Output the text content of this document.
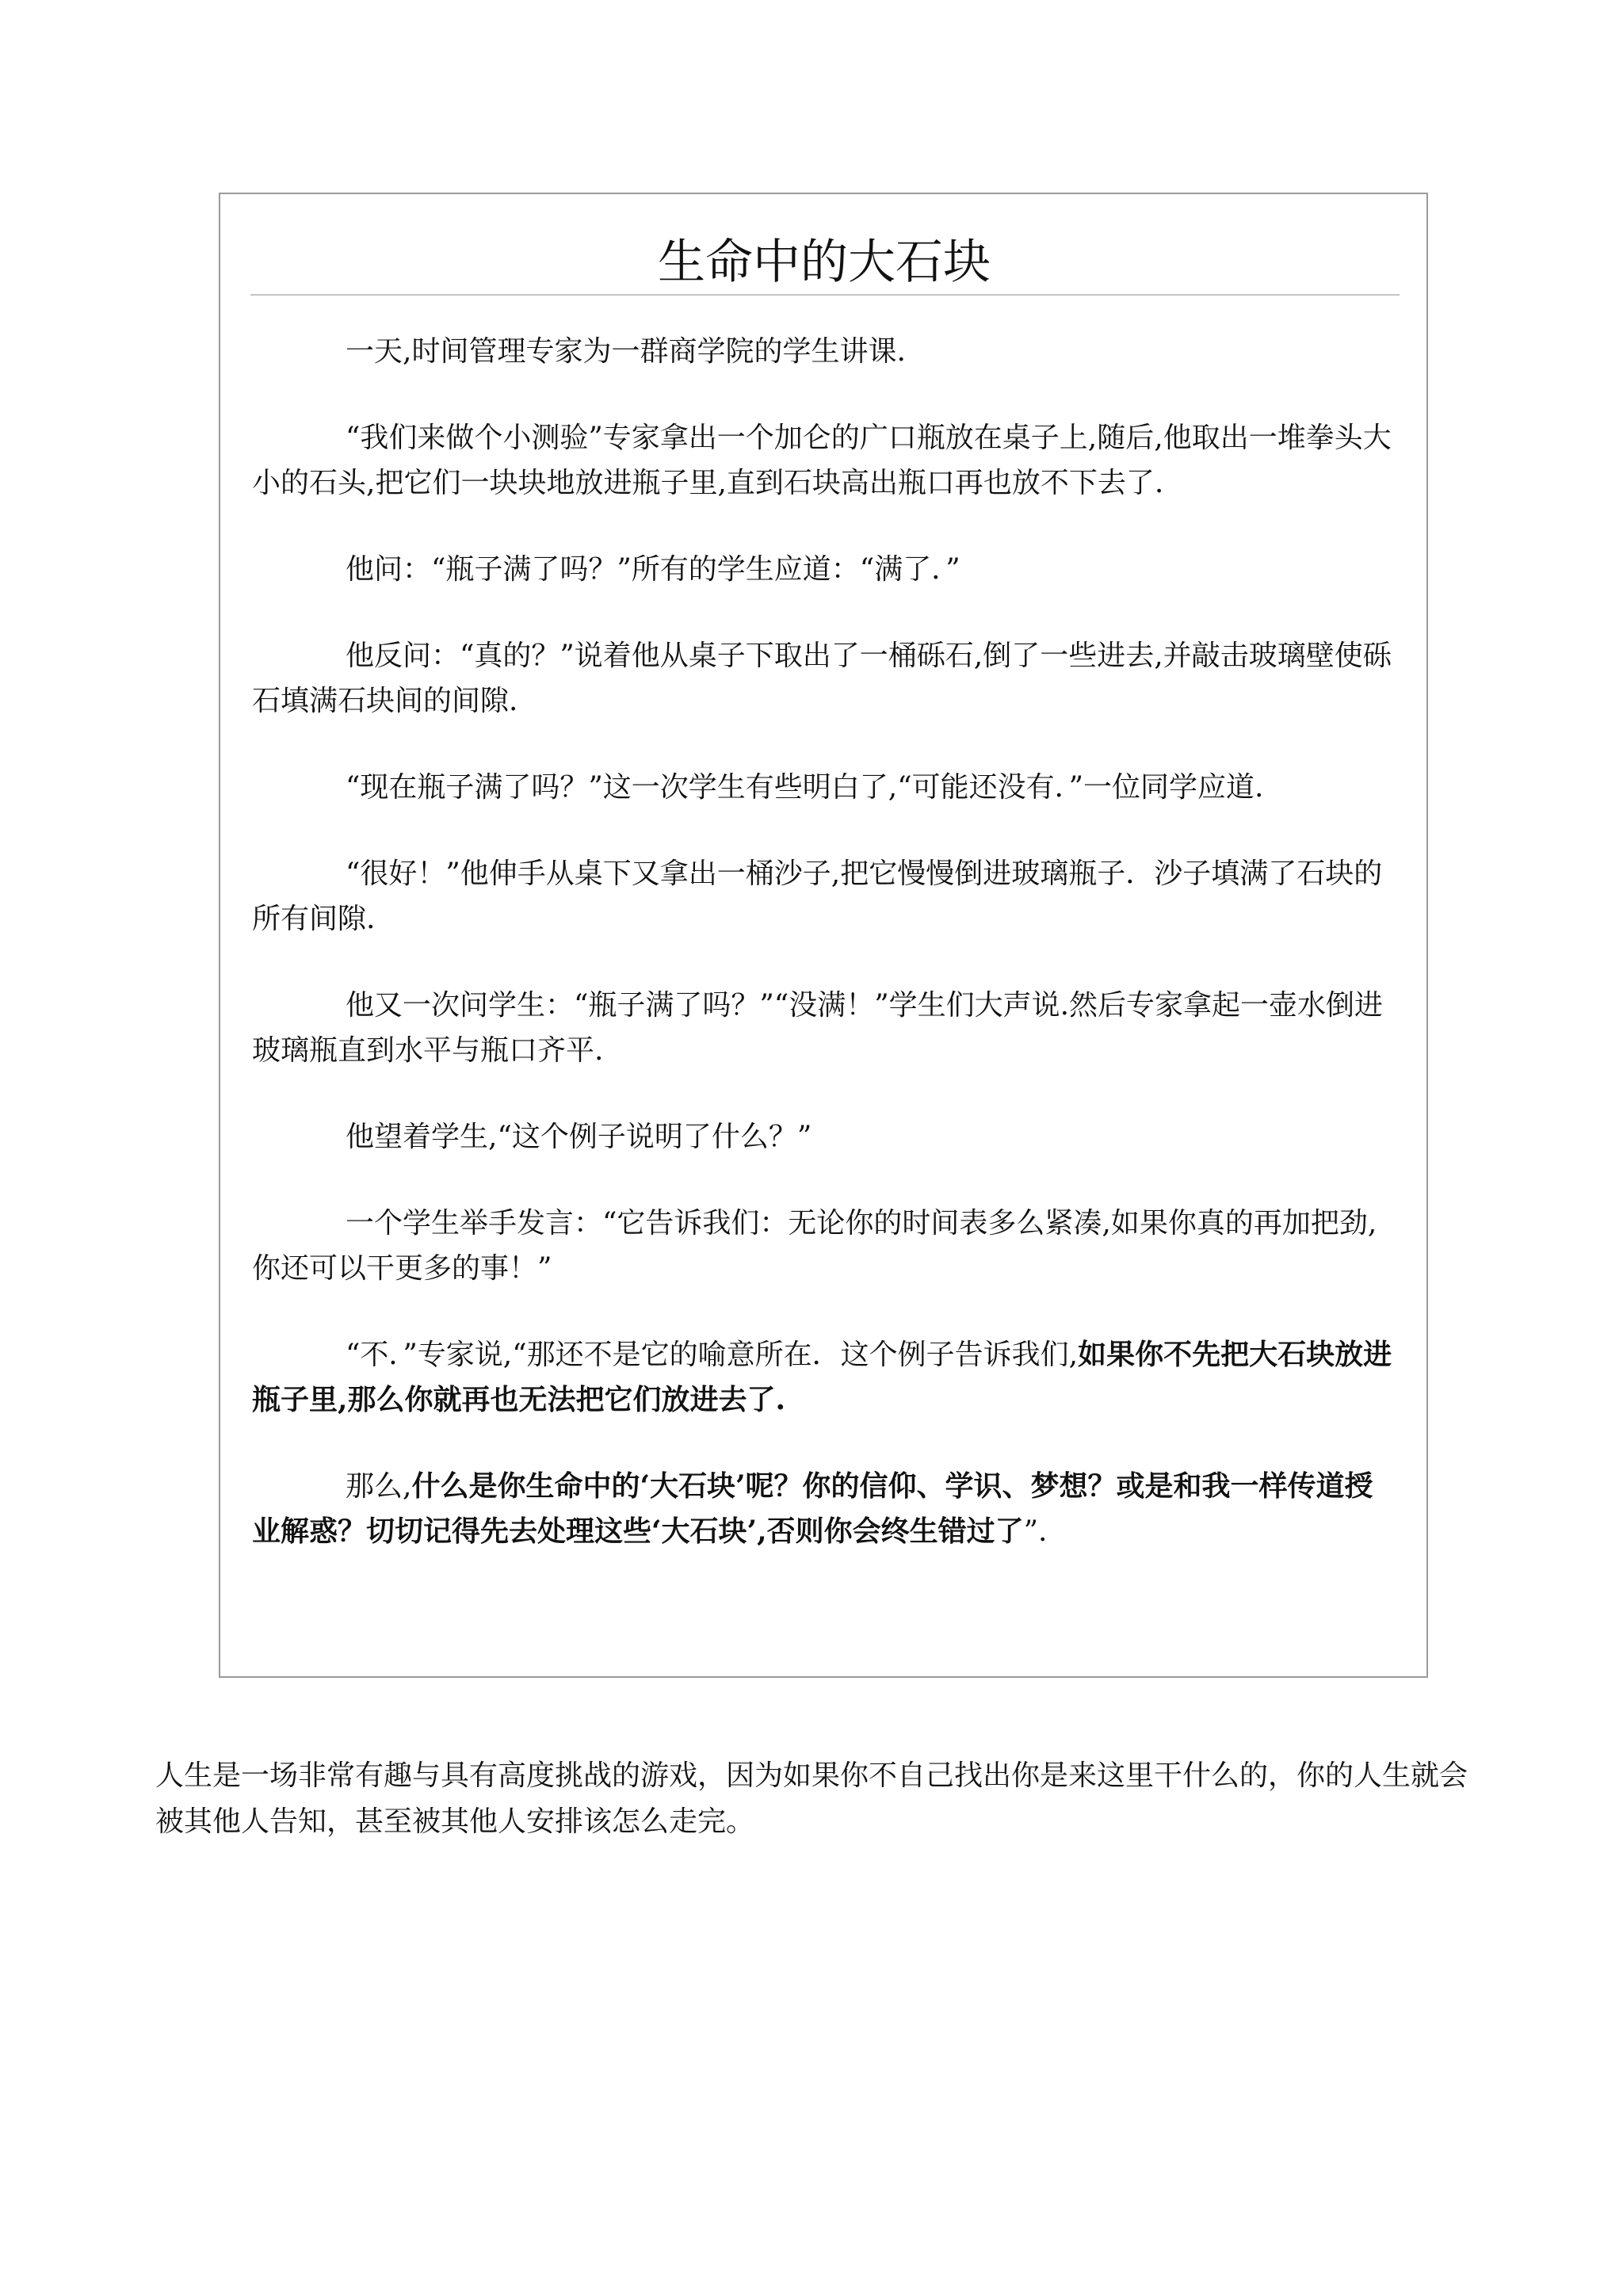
生命中的大石块

一天,时间管理专家为一群商学院的学生讲课.

“我们来做个小测验”专家拿出一个加仑的广口瓶放在桌子上,随后,他取出一堆拳头大小的石头,把它们一块块地放进瓶子里,直到石块高出瓶口再也放不下去了.

他问：“瓶子满了吗？”所有的学生应道：“满了．”

他反问：“真的？”说着他从桌子下取出了一桶砾石,倒了一些进去,并敲击玻璃壁使砾石填满石块间的间隙.

“现在瓶子满了吗？”这一次学生有些明白了,“可能还没有．”一位同学应道.

“很好！”他伸手从桌下又拿出一桶沙子,把它慢慢倒进玻璃瓶子．沙子填满了石块的所有间隙.

他又一次问学生：“瓶子满了吗？”“没满！”学生们大声说.然后专家拿起一壶水倒进玻璃瓶直到水平与瓶口齐平.

他望着学生,“这个例子说明了什么？”

一个学生举手发言：“它告诉我们：无论你的时间表多么紧凑,如果你真的再加把劲,你还可以干更多的事！”

“不．”专家说,“那还不是它的喻意所在．这个例子告诉我们,如果你不先把大石块放进瓶子里,那么你就再也无法把它们放进去了.

那么,什么是你生命中的‘大石块’呢？你的信仰、学识、梦想？或是和我一样传道授业解惑？切切记得先去处理这些‘大石块’,否则你会终生错过了”.

人生是一场非常有趣与具有高度挑战的游戏，因为如果你不自己找出你是来这里干什么的，你的人生就会被其他人告知，甚至被其他人安排该怎么走完。
